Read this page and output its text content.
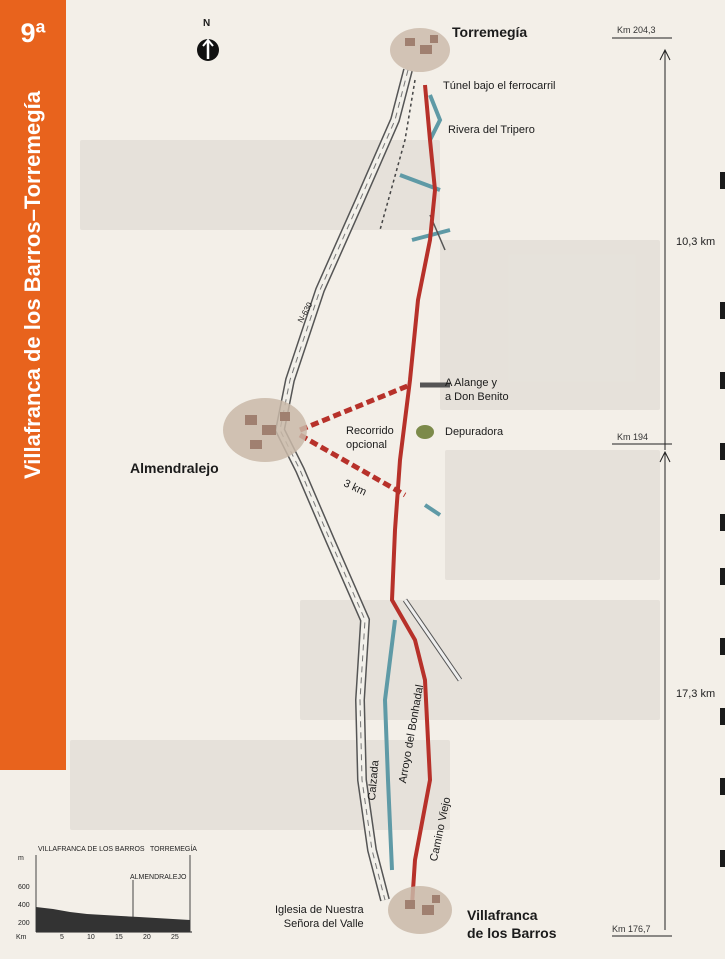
9ª
Villafranca de los Barros–Torremegía
N
Torremegía
Túnel bajo el ferrocarril
Rivera del Tripero
A Alange y
a Don Benito
Depuradora
Recorrido
opcional
Almendralejo
3 km
N-630
Calzada Arroyo del Bonhadal
Camino Viejo
Iglesia de Nuestra
Señora del Valle
Villafranca
de los Barros
Km 204,3
Km 194
Km 176,7
10,3 km
17,3 km
VILLAFRANCA DE LOS BARROS TORREMEGÍA
ALMENDRALEJO
m
600
400
200
Km	5	10	15	20	25
